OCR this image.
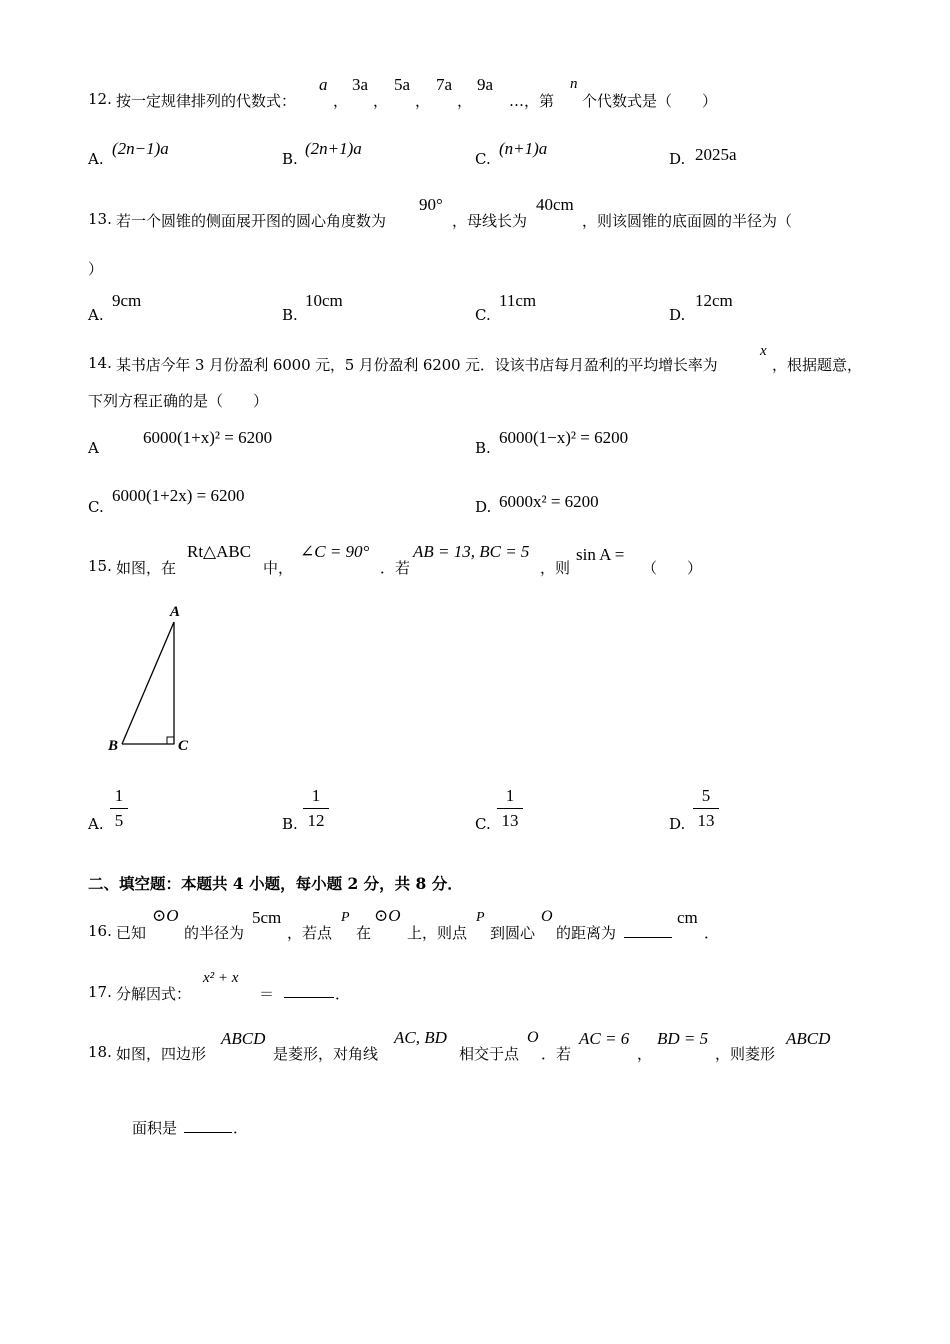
12. 按一定规律排列的代数式：
a
，
3a
，
5a
，
7a
，
9a
…，第
n
个代数式是（　　）
A.
(2n−1)a
B.
(2n+1)a
C.
(n+1)a
D. 2025a
13. 若一个圆锥的侧面展开图的圆心角度数为
90°
，母线长为
40cm
，则该圆锥的底面圆的半径为（
）
A.
9cm
B.
10cm
C.
11cm
D.
12cm
14. 某书店今年 3 月份盈利 6000 元，5 月份盈利 6200 元．设该书店每月盈利的平均增长率为
x
，根据题意，
下列方程正确的是（　　）
A
6000(1+x)² = 6200
B.
6000(1−x)² = 6200
C.
6000(1+2x) = 6200
D. 6000x² = 6200
15. 如图，在
Rt△ABC
中，
∠C = 90°
．若
AB = 13, BC = 5
，则
sin A =
（　　）
A
B	C
A.
1
5	B.
1
12	C.
1
13	D.
5
13
二、填空题：本题共 4 小题，每小题 2 分，共 8 分．
16. 已知
⊙O
的半径为
5cm
，若点
P
在
⊙O
上，则点
P
到圆心
O
的距离为
cm
．
17. 分解因式：
x² + x
＝	．
18. 如图，四边形
ABCD
是菱形，对角线
AC, BD
相交于点
O
．若
AC = 6
，
BD = 5
，则菱形
ABCD
面积是	．
